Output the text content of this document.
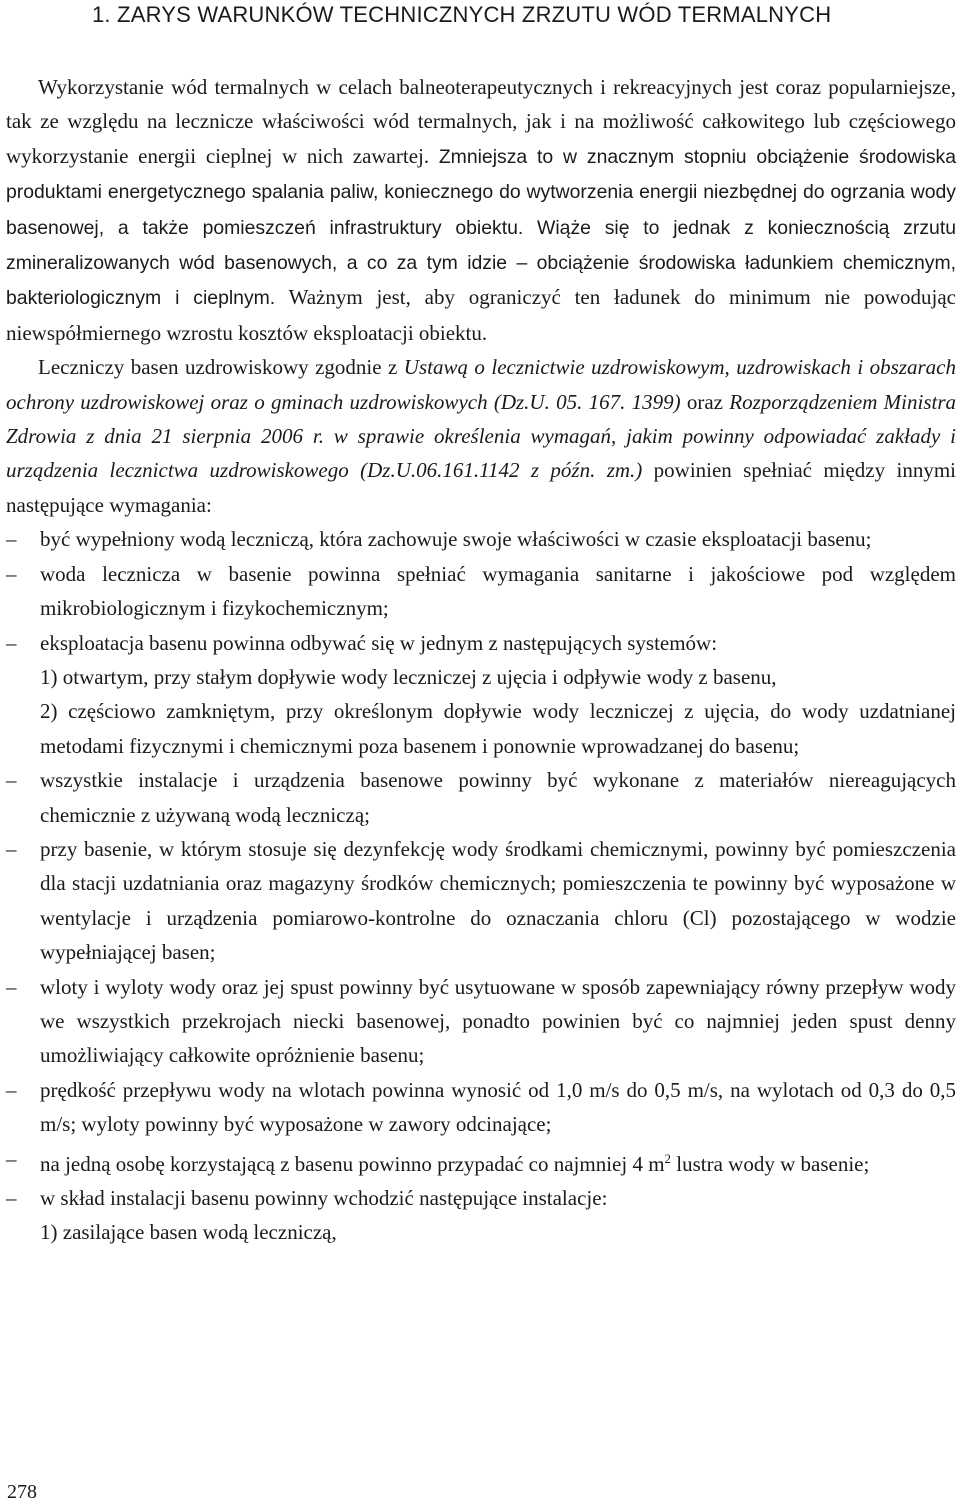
1. ZARYS WARUNKÓW TECHNICZNYCH ZRZUTU WÓD TERMALNYCH

Wykorzystanie wód termalnych w celach balneoterapeutycznych i rekreacyjnych jest coraz popularniejsze, tak ze względu na lecznicze właściwości wód termalnych, jak i na możliwość całkowitego lub częściowego wykorzystanie energii cieplnej w nich zawartej. Zmniejsza to w znacznym stopniu obciążenie środowiska produktami energetycznego spalania paliw, koniecznego do wytworzenia energii niezbędnej do ogrzania wody basenowej, a także pomieszczeń infrastruktury obiektu. Wiąże się to jednak z koniecznością zrzutu zmineralizowanych wód basenowych, a co za tym idzie – obciążenie środowiska ładunkiem chemicznym, bakteriologicznym i cieplnym. Ważnym jest, aby ograniczyć ten ładunek do minimum nie powodując niewspółmiernego wzrostu kosztów eksploatacji obiektu.

Leczniczy basen uzdrowiskowy zgodnie z Ustawą o lecznictwie uzdrowiskowym, uzdrowiskach i obszarach ochrony uzdrowiskowej oraz o gminach uzdrowiskowych (Dz.U. 05. 167. 1399) oraz Rozporządzeniem Ministra Zdrowia z dnia 21 sierpnia 2006 r. w sprawie określenia wymagań, jakim powinny odpowiadać zakłady i urządzenia lecznictwa uzdrowiskowego (Dz.U.06.161.1142 z późn. zm.) powinien spełniać między innymi następujące wymagania:

– być wypełniony wodą leczniczą, która zachowuje swoje właściwości w czasie eksploatacji basenu;
– woda lecznicza w basenie powinna spełniać wymagania sanitarne i jakościowe pod względem mikrobiologicznym i fizykochemicznym;
– eksploatacja basenu powinna odbywać się w jednym z następujących systemów:
1) otwartym, przy stałym dopływie wody leczniczej z ujęcia i odpływie wody z basenu,
2) częściowo zamkniętym, przy określonym dopływie wody leczniczej z ujęcia, do wody uzdatnianej metodami fizycznymi i chemicznymi poza basenem i ponownie wprowadzanej do basenu;
– wszystkie instalacje i urządzenia basenowe powinny być wykonane z materiałów niereagujących chemicznie z używaną wodą leczniczą;
– przy basenie, w którym stosuje się dezynfekcję wody środkami chemicznymi, powinny być pomieszczenia dla stacji uzdatniania oraz magazyny środków chemicznych; pomieszczenia te powinny być wyposażone w wentylacje i urządzenia pomiarowo-kontrolne do oznaczania chloru (Cl) pozostającego w wodzie wypełniającej basen;
– wloty i wyloty wody oraz jej spust powinny być usytuowane w sposób zapewniający równy przepływ wody we wszystkich przekrojach niecki basenowej, ponadto powinien być co najmniej jeden spust denny umożliwiający całkowite opróżnienie basenu;
– prędkość przepływu wody na wlotach powinna wynosić od 1,0 m/s do 0,5 m/s, na wylotach od 0,3 do 0,5 m/s; wyloty powinny być wyposażone w zawory odcinające;
– na jedną osobę korzystającą z basenu powinno przypadać co najmniej 4 $m^2$ lustra wody w basenie;
– w skład instalacji basenu powinny wchodzić następujące instalacje:
1) zasilające basen wodą leczniczą,
278
